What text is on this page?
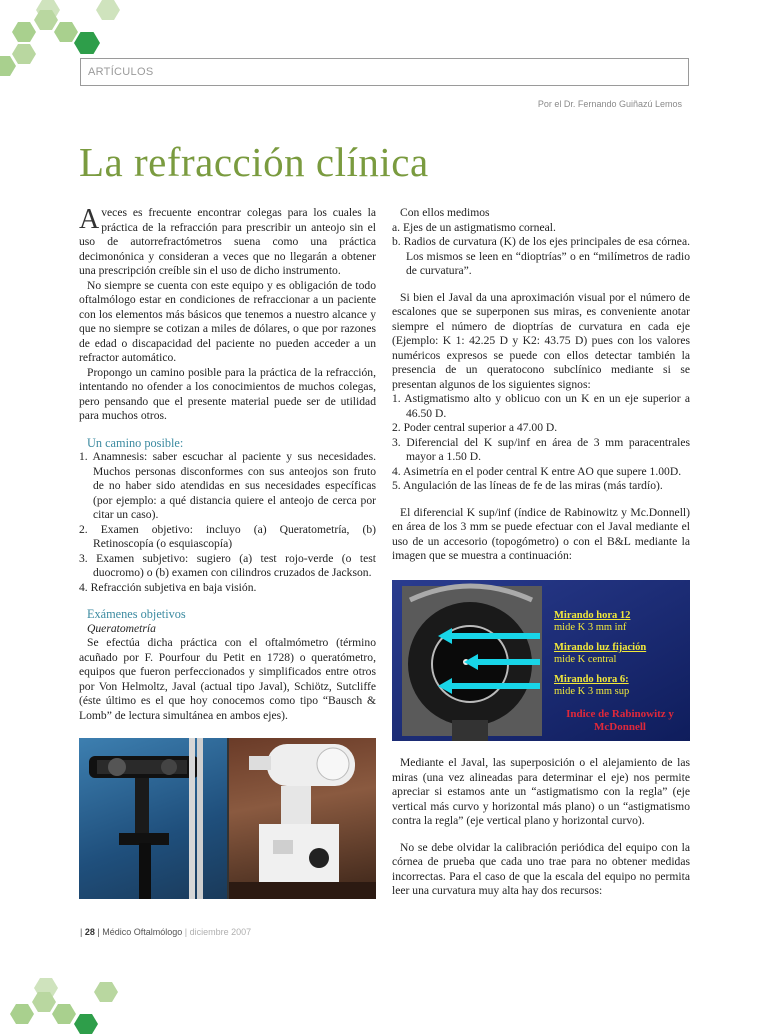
ARTÍCULOS
Por el Dr. Fernando Guiñazú Lemos
La refracción clínica

Aveces es frecuente encontrar colegas para los cuales la práctica de la refracción para prescribir un anteojo sin el uso de autorrefractómetros suena como una práctica decimonónica y consideran a veces que no llegarán a obtener una prescripción creíble sin el uso de dicho instrumento.

No siempre se cuenta con este equipo y es obligación de todo oftalmólogo estar en condiciones de refraccionar a un paciente con los elementos más básicos que tenemos a nuestro alcance y que no siempre se cotizan a miles de dólares, o que por razones de edad o discapacidad del paciente no pueden acceder a un refractor automático.

Propongo un camino posible para la práctica de la refracción, intentando no ofender a los conocimientos de muchos colegas, pero pensando que el presente material puede ser de utilidad para muchos otros.

Un camino posible:

1. Anamnesis: saber escuchar al paciente y sus necesidades. Muchos personas disconformes con sus anteojos son fruto de no haber sido atendidas en sus necesidades específicas (por ejemplo: a qué distancia quiere el anteojo de cerca por citar un caso).

2. Examen objetivo: incluyo (a) Queratometría, (b) Retinoscopía (o esquiascopía)

3. Examen subjetivo: sugiero (a) test rojo-verde (o test duocromo) o (b) examen con cilindros cruzados de Jackson.

4. Refracción subjetiva en baja visión.

Exámenes objetivos

Queratometría

Se efectúa dicha práctica con el oftalmómetro (término acuñado por F. Pourfour du Petit en 1728) o queratómetro, equipos que fueron perfeccionados y simplificados entre otros por Von Helmoltz, Javal (actual tipo Javal), Schiötz, Sutcliffe (éste último es el que hoy conocemos como tipo “Bausch & Lomb” de lectura simultánea en ambos ejes).

Con ellos medimos

a. Ejes de un astigmatismo corneal.

b. Radios de curvatura (K) de los ejes principales de esa córnea. Los mismos se leen en “dioptrías” o en “milímetros de radio de curvatura”.

Si bien el Javal da una aproximación visual por el número de escalones que se superponen sus miras, es conveniente anotar siempre el número de dioptrías de curvatura en cada eje (Ejemplo: K 1: 42.25 D y K2: 43.75 D) pues con los valores numéricos expresos se puede con ellos detectar también la presencia de un queratocono subclínico mediante si se presentan algunos de los siguientes signos:

1. Astigmatismo alto y oblicuo con un K en un eje superior a 46.50 D.

2. Poder central superior a 47.00 D.

3. Diferencial del K sup/inf en área de 3 mm paracentrales mayor a 1.50 D.

4. Asimetría en el poder central K entre AO que supere 1.00D.

5. Angulación de las líneas de fe de las miras (más tardío).

El diferencial K sup/inf (índice de Rabinowitz y Mc.Donnell) en área de los 3 mm se puede efectuar con el Javal mediante el uso de un accesorio (topogómetro) o con el B&L mediante la imagen que se muestra a continuación:

Mirando hora 12
mide K 3 mm inf
Mirando luz fijación
mide K central
Mirando hora 6:
mide K 3 mm sup
Indice de Rabinowitz y McDonnell

Mediante el Javal, las superposición o el alejamiento de las miras (una vez alineadas para determinar el eje) nos permite apreciar si estamos ante un “astigmatismo con la regla” (eje vertical más curvo y horizontal más plano) o un “astigmatismo contra la regla” (eje vertical plano y horizontal curvo).

No se debe olvidar la calibración periódica del equipo con la córnea de prueba que cada uno trae para no obtener medidas incorrectas. Para el caso de que la escala del equipo no permita leer una curvatura muy alta hay dos recursos:

| 28 | Médico Oftalmólogo | diciembre 2007
